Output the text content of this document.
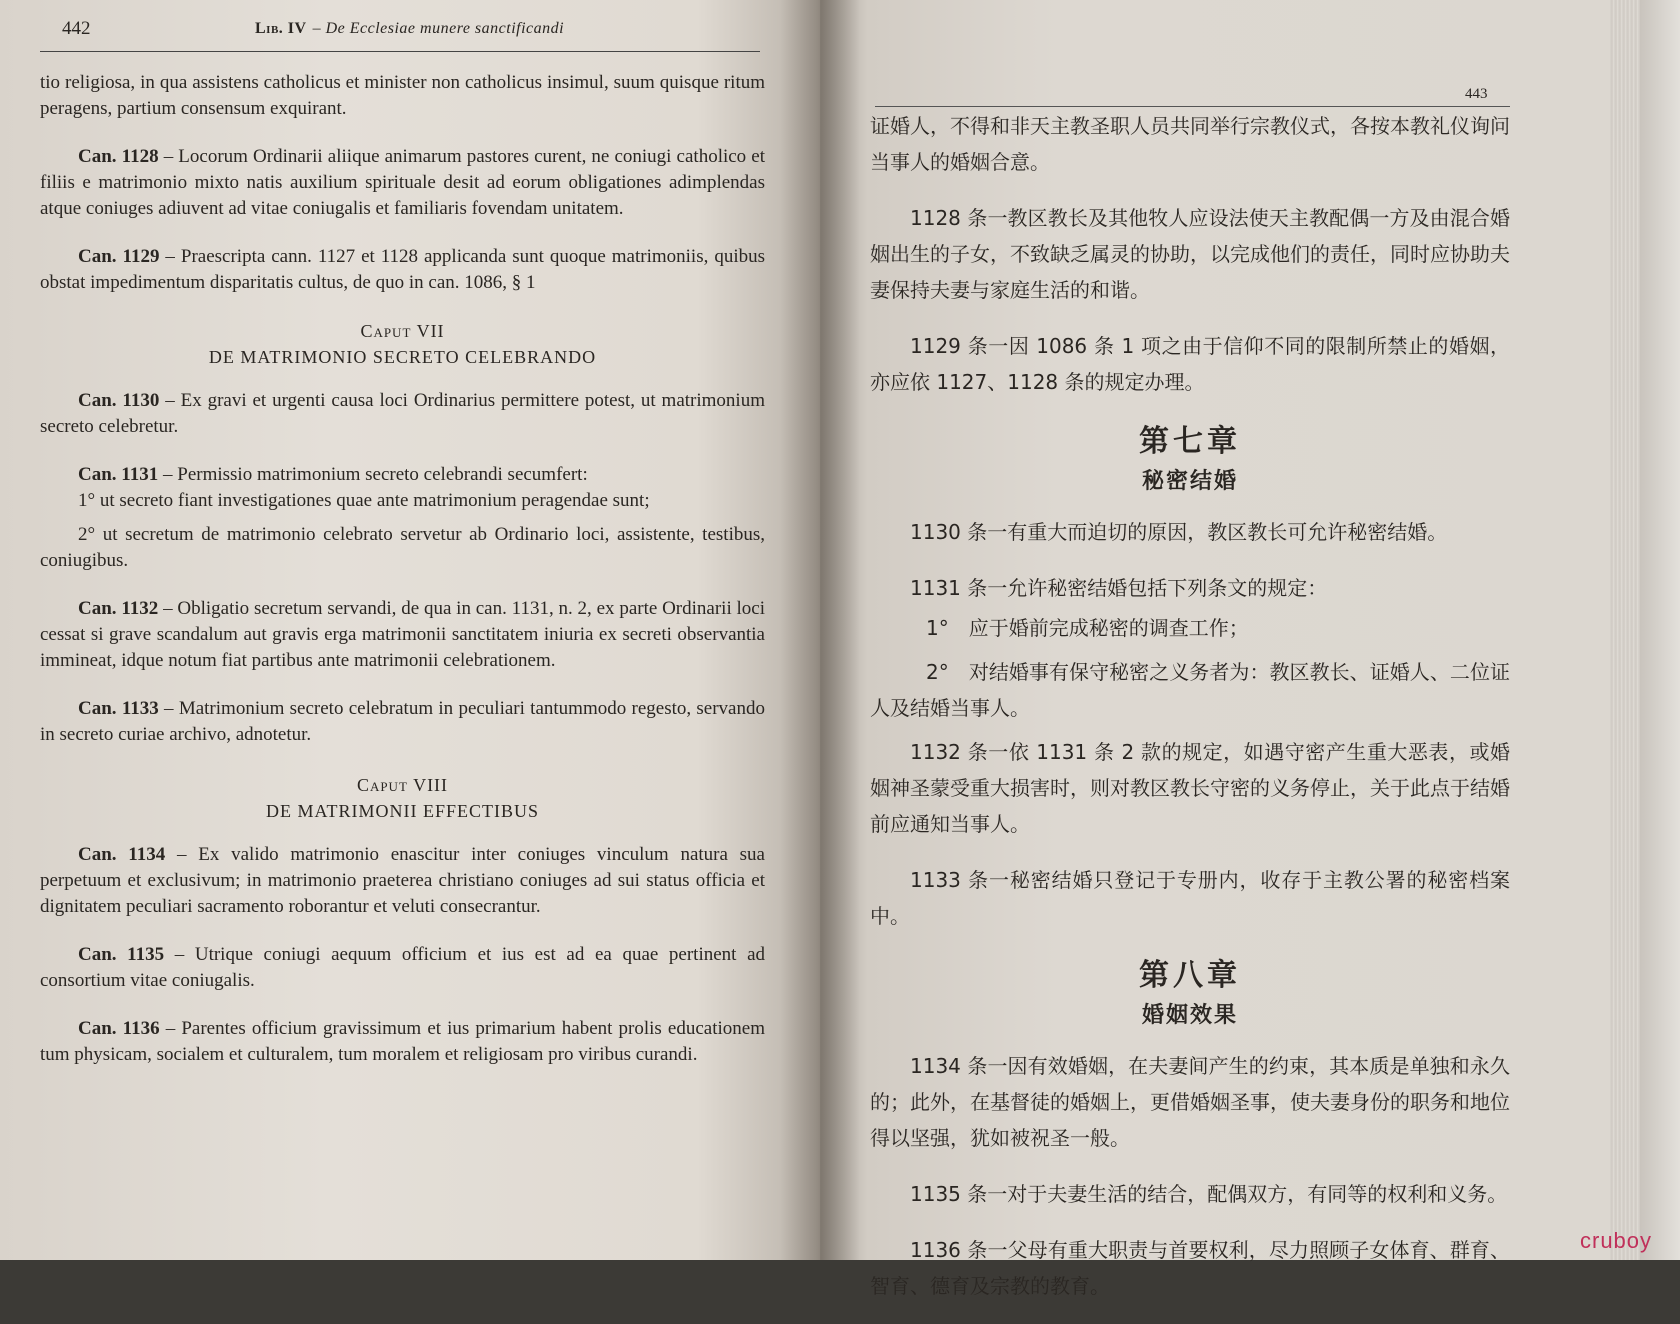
442	Lib. IV – De Ecclesiae munere sanctificandi

tio religiosa, in qua assistens catholicus et minister non catholicus insimul, suum quisque ritum peragens, partium consensum exquirant.

Can. 1128 – Locorum Ordinarii aliique animarum pastores curent, ne coniugi catholico et filiis e matrimonio mixto natis auxilium spirituale desit ad eorum obligationes adimplendas atque coniuges adiuvent ad vitae coniugalis et familiaris fovendam unitatem.

Can. 1129 – Praescripta cann. 1127 et 1128 applicanda sunt quoque matrimoniis, quibus obstat impedimentum disparitatis cultus, de quo in can. 1086, § 1

Caput VII
DE MATRIMONIO SECRETO CELEBRANDO

Can. 1130 – Ex gravi et urgenti causa loci Ordinarius permittere potest, ut matrimonium secreto celebretur.

Can. 1131 – Permissio matrimonium secreto celebrandi secumfert:

1° ut secreto fiant investigationes quae ante matrimonium peragendae sunt;

2° ut secretum de matrimonio celebrato servetur ab Ordinario loci, assistente, testibus, coniugibus.

Can. 1132 – Obligatio secretum servandi, de qua in can. 1131, n. 2, ex parte Ordinarii loci cessat si grave scandalum aut gravis erga matrimonii sanctitatem iniuria ex secreti observantia immineat, idque notum fiat partibus ante matrimonii celebrationem.

Can. 1133 – Matrimonium secreto celebratum in peculiari tantummodo regesto, servando in secreto curiae archivo, adnotetur.

Caput VIII
DE MATRIMONII EFFECTIBUS

Can. 1134 – Ex valido matrimonio enascitur inter coniuges vinculum natura sua perpetuum et exclusivum; in matrimonio praeterea christiano coniuges ad sui status officia et dignitatem peculiari sacramento roborantur et veluti consecrantur.

Can. 1135 – Utrique coniugi aequum officium et ius est ad ea quae pertinent ad consortium vitae coniugalis.

Can. 1136 – Parentes officium gravissimum et ius primarium habent prolis educationem tum physicam, socialem et culturalem, tum moralem et religiosam pro viribus curandi.

443

证婚人，不得和非天主教圣职人员共同举行宗教仪式，各按本教礼仪询问当事人的婚姻合意。

1128 条一教区教长及其他牧人应设法使天主教配偶一方及由混合婚姻出生的子女，不致缺乏属灵的协助，以完成他们的责任，同时应协助夫妻保持夫妻与家庭生活的和谐。

1129 条一因 1086 条 1 项之由于信仰不同的限制所禁止的婚姻，亦应依 1127、1128 条的规定办理。

第七章
秘密结婚

1130 条一有重大而迫切的原因，教区教长可允许秘密结婚。

1131 条一允许秘密结婚包括下列条文的规定：

1°　应于婚前完成秘密的调查工作；

2°　对结婚事有保守秘密之义务者为：教区教长、证婚人、二位证人及结婚当事人。

1132 条一依 1131 条 2 款的规定，如遇守密产生重大恶表，或婚姻神圣蒙受重大损害时，则对教区教长守密的义务停止，关于此点于结婚前应通知当事人。

1133 条一秘密结婚只登记于专册内，收存于主教公署的秘密档案中。

第八章
婚姻效果

1134 条一因有效婚姻，在夫妻间产生的约束，其本质是单独和永久的；此外，在基督徒的婚姻上，更借婚姻圣事，使夫妻身份的职务和地位得以坚强，犹如被祝圣一般。

1135 条一对于夫妻生活的结合，配偶双方，有同等的权利和义务。

1136 条一父母有重大职责与首要权利，尽力照顾子女体育、群育、智育、德育及宗教的教育。

cruboy
